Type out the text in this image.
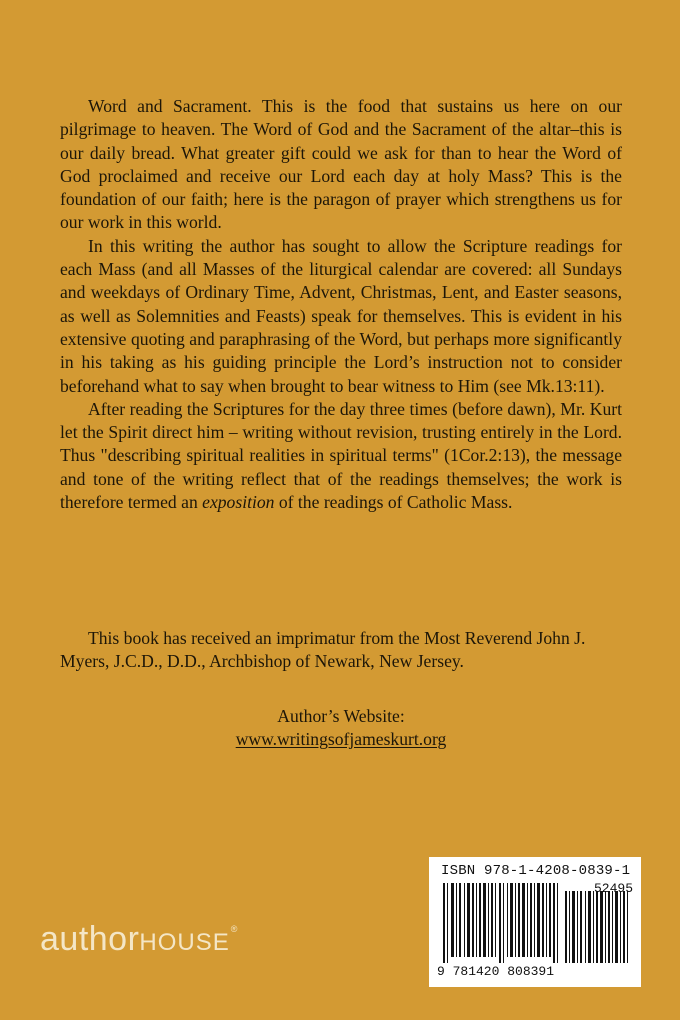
Word and Sacrament. This is the food that sustains us here on our pilgrimage to heaven. The Word of God and the Sacrament of the altar–this is our daily bread. What greater gift could we ask for than to hear the Word of God proclaimed and receive our Lord each day at holy Mass? This is the foundation of our faith; here is the paragon of prayer which strengthens us for our work in this world.

In this writing the author has sought to allow the Scripture readings for each Mass (and all Masses of the liturgical calendar are covered: all Sundays and weekdays of Ordinary Time, Advent, Christmas, Lent, and Easter seasons, as well as Solemnities and Feasts) speak for themselves. This is evident in his extensive quoting and paraphrasing of the Word, but perhaps more significantly in his taking as his guiding principle the Lord’s instruction not to consider beforehand what to say when brought to bear witness to Him (see Mk.13:11).

After reading the Scriptures for the day three times (before dawn), Mr. Kurt let the Spirit direct him – writing without revision, trusting entirely in the Lord. Thus "describing spiritual realities in spiritual terms" (1Cor.2:13), the message and tone of the writing reflect that of the readings themselves; the work is therefore termed an exposition of the readings of Catholic Mass.

This book has received an imprimatur from the Most Reverend John J. Myers, J.C.D., D.D., Archbishop of Newark, New Jersey.

Author’s Website:
www.writingsofjameskurt.org
authorHOUSE®
ISBN 978-1-4208-0839-1
52495
9 781420 808391
